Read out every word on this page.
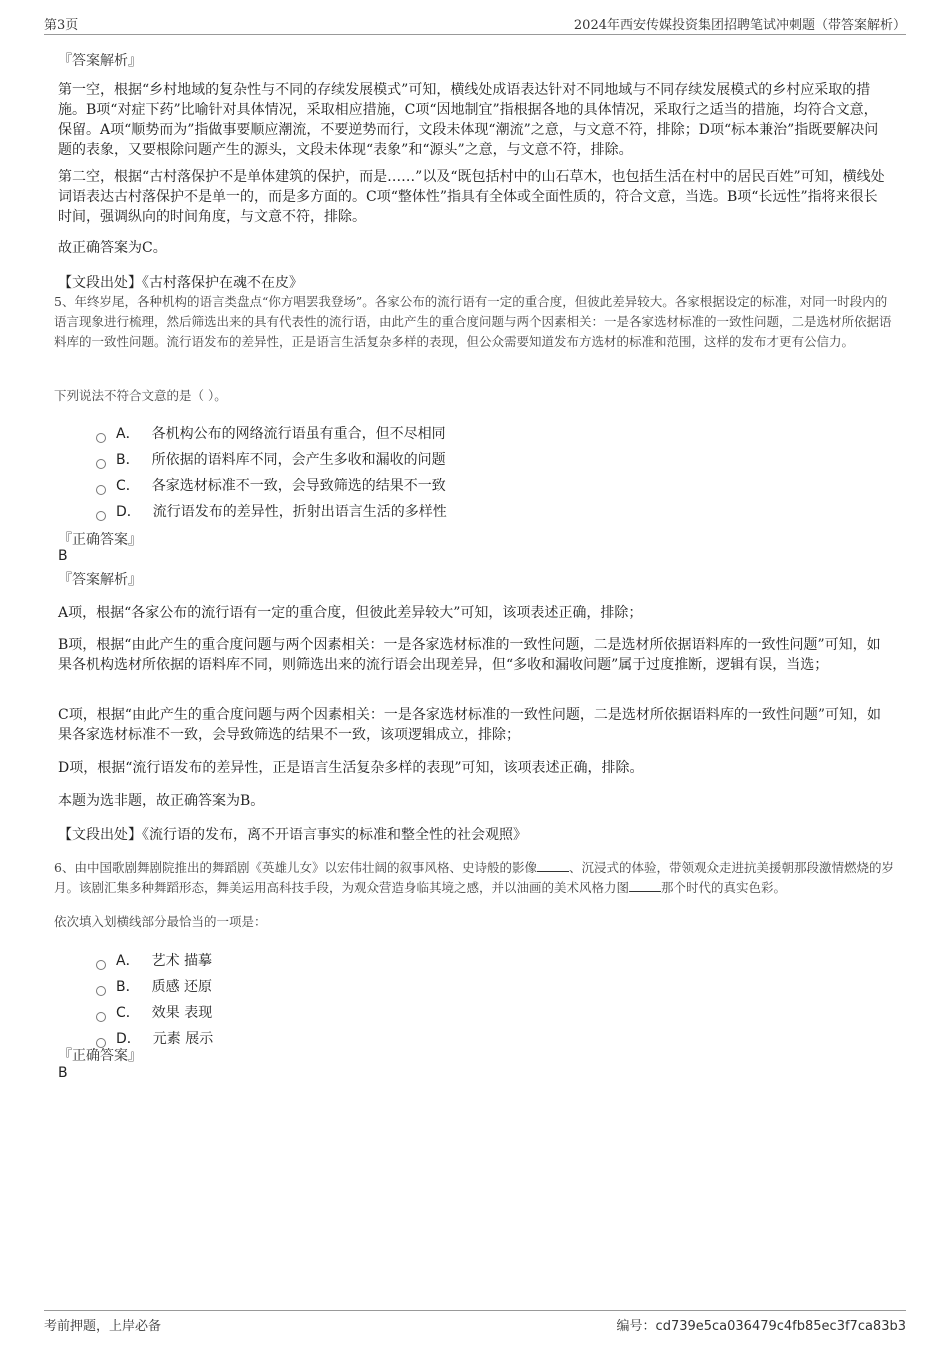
第3页	2024年西安传媒投资集团招聘笔试冲刺题（带答案解析）
『答案解析』

第一空，根据“乡村地域的复杂性与不同的存续发展模式”可知，横线处成语表达针对不同地域与不同存续发展模式的乡村应采取的措施。B项“对症下药”比喻针对具体情况，采取相应措施，C项“因地制宜”指根据各地的具体情况，采取行之适当的措施，均符合文意，保留。A项“顺势而为”指做事要顺应潮流，不要逆势而行，文段未体现“潮流”之意，与文意不符，排除；D项“标本兼治”指既要解决问题的表象，又要根除问题产生的源头，文段未体现“表象”和“源头”之意，与文意不符，排除。

第二空，根据“古村落保护不是单体建筑的保护，而是……”以及“既包括村中的山石草木，也包括生活在村中的居民百姓”可知，横线处词语表达古村落保护不是单一的，而是多方面的。C项“整体性”指具有全体或全面性质的，符合文意，当选。B项“长远性”指将来很长时间，强调纵向的时间角度，与文意不符，排除。

故正确答案为C。

【文段出处】《古村落保护在魂不在皮》

5、年终岁尾，各种机构的语言类盘点“你方唱罢我登场”。各家公布的流行语有一定的重合度，但彼此差异较大。各家根据设定的标准，对同一时段内的语言现象进行梳理，然后筛选出来的具有代表性的流行语，由此产生的重合度问题与两个因素相关：一是各家选材标准的一致性问题，二是选材所依据语料库的一致性问题。流行语发布的差异性，正是语言生活复杂多样的表现，但公众需要知道发布方选材的标准和范围，这样的发布才更有公信力。

下列说法不符合文意的是（ ）。

A． 各机构公布的网络流行语虽有重合，但不尽相同
B． 所依据的语料库不同，会产生多收和漏收的问题
C． 各家选材标准不一致，会导致筛选的结果不一致
D． 流行语发布的差异性，折射出语言生活的多样性
『正确答案』
B
『答案解析』

A项，根据“各家公布的流行语有一定的重合度，但彼此差异较大”可知，该项表述正确，排除；

B项，根据“由此产生的重合度问题与两个因素相关：一是各家选材标准的一致性问题，二是选材所依据语料库的一致性问题”可知，如果各机构选材所依据的语料库不同，则筛选出来的流行语会出现差异，但“多收和漏收问题”属于过度推断，逻辑有误，当选；

C项，根据“由此产生的重合度问题与两个因素相关：一是各家选材标准的一致性问题，二是选材所依据语料库的一致性问题”可知，如果各家选材标准不一致，会导致筛选的结果不一致，该项逻辑成立，排除；

D项，根据“流行语发布的差异性，正是语言生活复杂多样的表现”可知，该项表述正确，排除。

本题为选非题，故正确答案为B。

【文段出处】《流行语的发布，离不开语言事实的标准和整全性的社会观照》

6、由中国歌剧舞剧院推出的舞蹈剧《英雄儿女》以宏伟壮阔的叙事风格、史诗般的影像	、沉浸式的体验，带领观众走进抗美援朝那段激情燃烧的岁月。该剧汇集多种舞蹈形态，舞美运用高科技手段，为观众营造身临其境之感，并以油画的美术风格力图	那个时代的真实色彩。

依次填入划横线部分最恰当的一项是：

A． 艺术 描摹
B． 质感 还原
C． 效果 表现
D． 元素 展示
『正确答案』
B
考前押题，上岸必备	编号：cd739e5ca036479c4fb85ec3f7ca83b3
